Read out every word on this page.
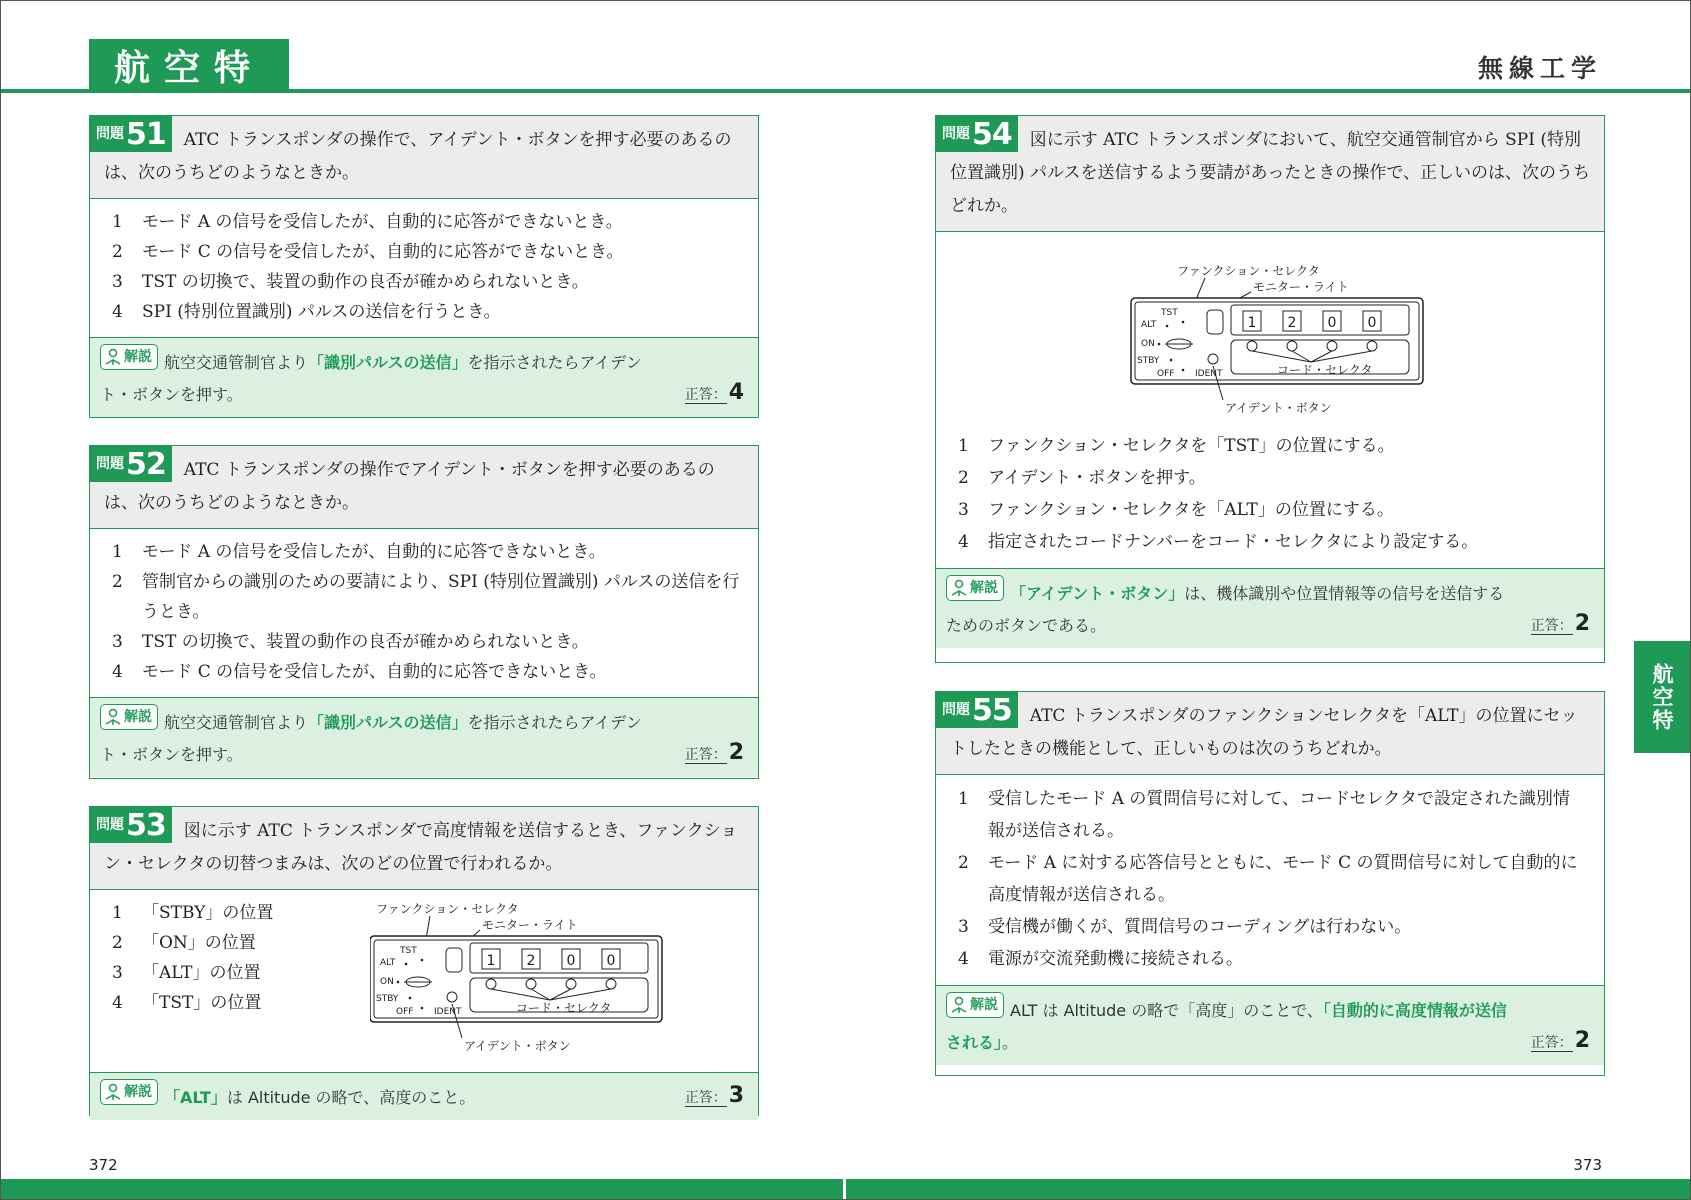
航空特	無線工学
航空特
問題 51 ATC トランスポンダの操作で、アイデント・ボタンを押す必要のあるのは、次のうちどのようなときか。
1 モード A の信号を受信したが、自動的に応答ができないとき。
2 モード C の信号を受信したが、自動的に応答ができないとき。
3 TST の切換で、装置の動作の良否が確かめられないとき。
4 SPI (特別位置識別) パルスの送信を行うとき。
解説 航空交通管制官より「識別パルスの送信」を指示されたらアイデント・ボタンを押す。	正答：4
問題 52 ATC トランスポンダの操作でアイデント・ボタンを押す必要のあるのは、次のうちどのようなときか。
1 モード A の信号を受信したが、自動的に応答できないとき。
2 管制官からの識別のための要請により、SPI (特別位置識別) パルスの送信を行うとき。
3 TST の切換で、装置の動作の良否が確かめられないとき。
4 モード C の信号を受信したが、自動的に応答できないとき。
解説 航空交通管制官より「識別パルスの送信」を指示されたらアイデント・ボタンを押す。	正答：2
問題 53 図に示す ATC トランスポンダで高度情報を送信するとき、ファンクション・セレクタの切替つまみは、次のどの位置で行われるか。
1 「STBY」の位置
2 「ON」の位置
3 「ALT」の位置
4 「TST」の位置
ファンクション・セレクタ
モニター・ライト
TST
ALT
ON
STBY
OFF IDENT
1 2 0 0
コード・セレクタ
アイデント・ボタン
解説 「ALT」は Altitude の略で、高度のこと。	正答：3
問題 54 図に示す ATC トランスポンダにおいて、航空交通管制官から SPI (特別位置識別) パルスを送信するよう要請があったときの操作で、正しいのは、次のうちどれか。
ファンクション・セレクタ
モニター・ライト
TST
ALT
ON
STBY
OFF IDENT
1 2 0 0
コード・セレクタ
アイデント・ボタン
1 ファンクション・セレクタを「TST」の位置にする。
2 アイデント・ボタンを押す。
3 ファンクション・セレクタを「ALT」の位置にする。
4 指定されたコードナンバーをコード・セレクタにより設定する。
解説 「アイデント・ボタン」は、機体識別や位置情報等の信号を送信するためのボタンである。	正答：2
問題 55 ATC トランスポンダのファンクションセレクタを「ALT」の位置にセットしたときの機能として、正しいものは次のうちどれか。
1 受信したモード A の質問信号に対して、コードセレクタで設定された識別情報が送信される。
2 モード A に対する応答信号とともに、モード C の質問信号に対して自動的に高度情報が送信される。
3 受信機が働くが、質問信号のコーディングは行わない。
4 電源が交流発動機に接続される。
解説 ALT は Altitude の略で「高度」のことで、「自動的に高度情報が送信される」。	正答：2
372	373
